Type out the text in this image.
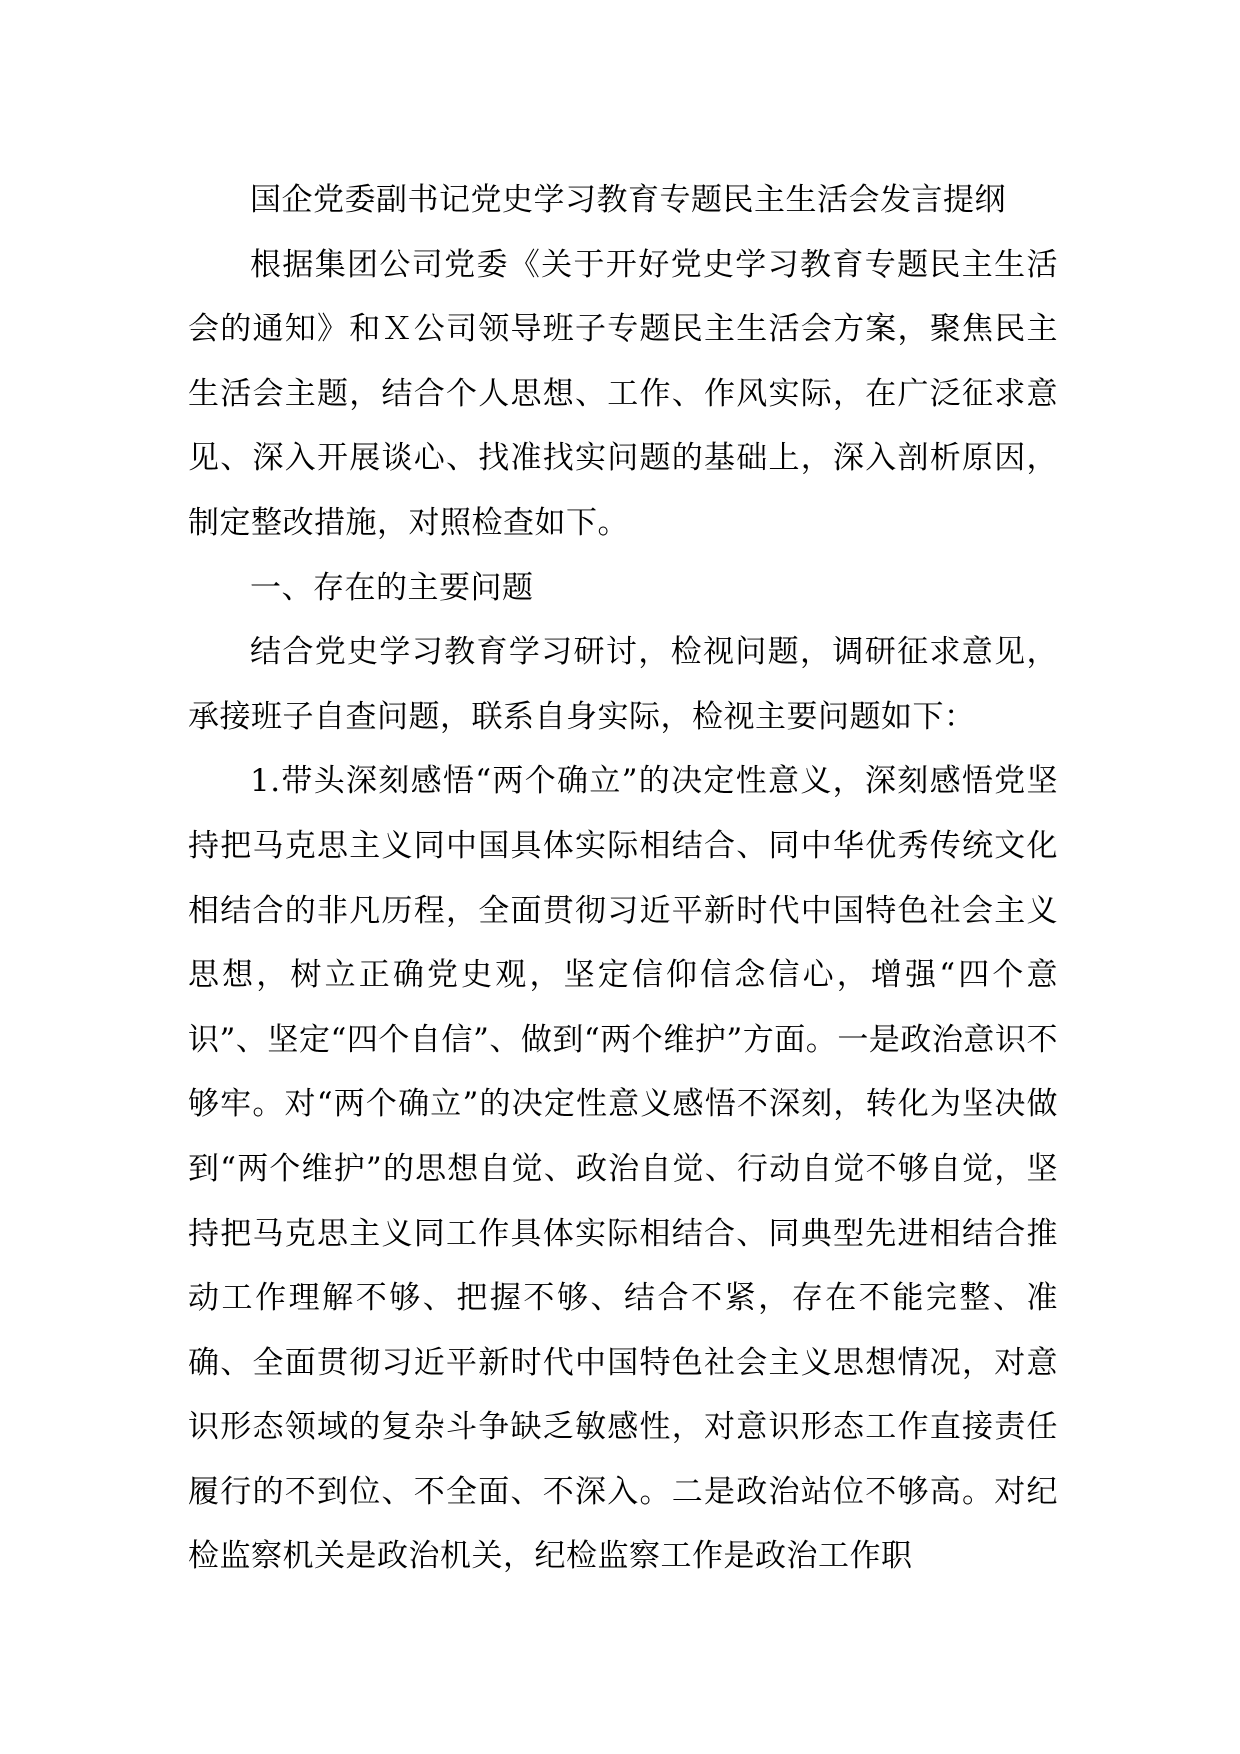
国企党委副书记党史学习教育专题民主生活会发言提纲

根据集团公司党委《关于开好党史学习教育专题民主生活会的通知》和Ｘ公司领导班子专题民主生活会方案，聚焦民主生活会主题，结合个人思想、工作、作风实际，在广泛征求意见、深入开展谈心、找准找实问题的基础上，深入剖析原因，制定整改措施，对照检查如下。

一、存在的主要问题

结合党史学习教育学习研讨，检视问题，调研征求意见，承接班子自查问题，联系自身实际，检视主要问题如下：

1.带头深刻感悟“两个确立”的决定性意义，深刻感悟党坚持把马克思主义同中国具体实际相结合、同中华优秀传统文化相结合的非凡历程，全面贯彻习近平新时代中国特色社会主义思想，树立正确党史观，坚定信仰信念信心，增强“四个意识”、坚定“四个自信”、做到“两个维护”方面。一是政治意识不够牢。对“两个确立”的决定性意义感悟不深刻，转化为坚决做到“两个维护”的思想自觉、政治自觉、行动自觉不够自觉，坚持把马克思主义同工作具体实际相结合、同典型先进相结合推动工作理解不够、把握不够、结合不紧，存在不能完整、准确、全面贯彻习近平新时代中国特色社会主义思想情况，对意识形态领域的复杂斗争缺乏敏感性，对意识形态工作直接责任履行的不到位、不全面、不深入。二是政治站位不够高。对纪检监察机关是政治机关，纪检监察工作是政治工作职
